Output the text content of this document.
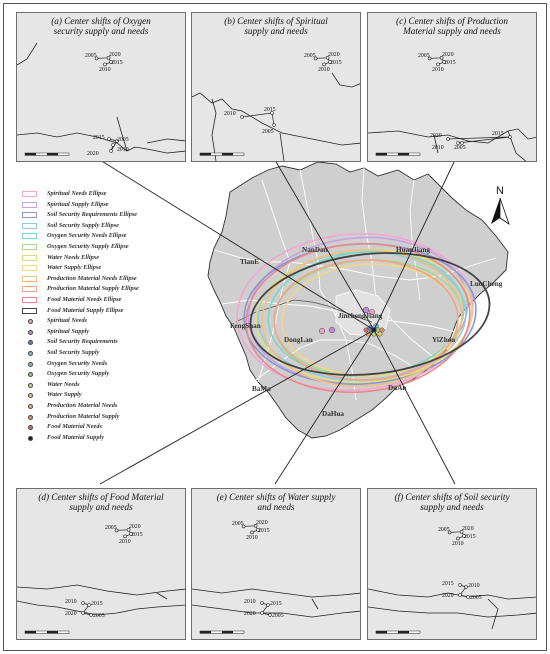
TianE
NanDan	HuanJiang
LuoCheng
JinchengJiang
FengShan
DongLan	YiZhou
BaMa	DuAn
DaHua
N
2005 2020
2015
2010
2015 2005
2020
2010
(a) Center shifts of Oxygen
security supply and needs
2005 2020
2015
2010
2010
2015
2005
(b) Center shifts of Spiritual
supply and needs
2005 2020
2015
2010
2020	2015
2010 2005
(c) Center shifts of Production
Material supply and needs
2005 2020
2015
2010
2010 2015
2020	2005
(d) Center shifts of Food Material
supply and needs
2005 2020
2015
2010
2010 2015
2020	2005
(e) Center shifts of Water supply
and needs
2005 2020
2015
2010
2015 2010
2020	2005
(f) Center shifts of Soil security
supply and needs
Spiritual Needs Ellipse
Spiritual Supply Ellipse
Soil Security Requirements Ellipse
Soil Security Supply Ellipse
Oxygen Security Needs Ellipse
Oxygen Security Supply Ellipse
Water Needs Ellipse
Water Supply Ellipse
Production Material Needs Ellipse
Production Material Supply Ellipse
Food Material Needs Ellipse
Food Material Supply Ellipse
Spiritual Needs
Spiritual Supply
Soil Security Requirements
Soil Security Supply
Oxygen Security Needs
Oxygen Security Supply
Water Needs
Water Supply
Production Material Needs
Production Material Supply
Food Material Needs
Food Material Supply
